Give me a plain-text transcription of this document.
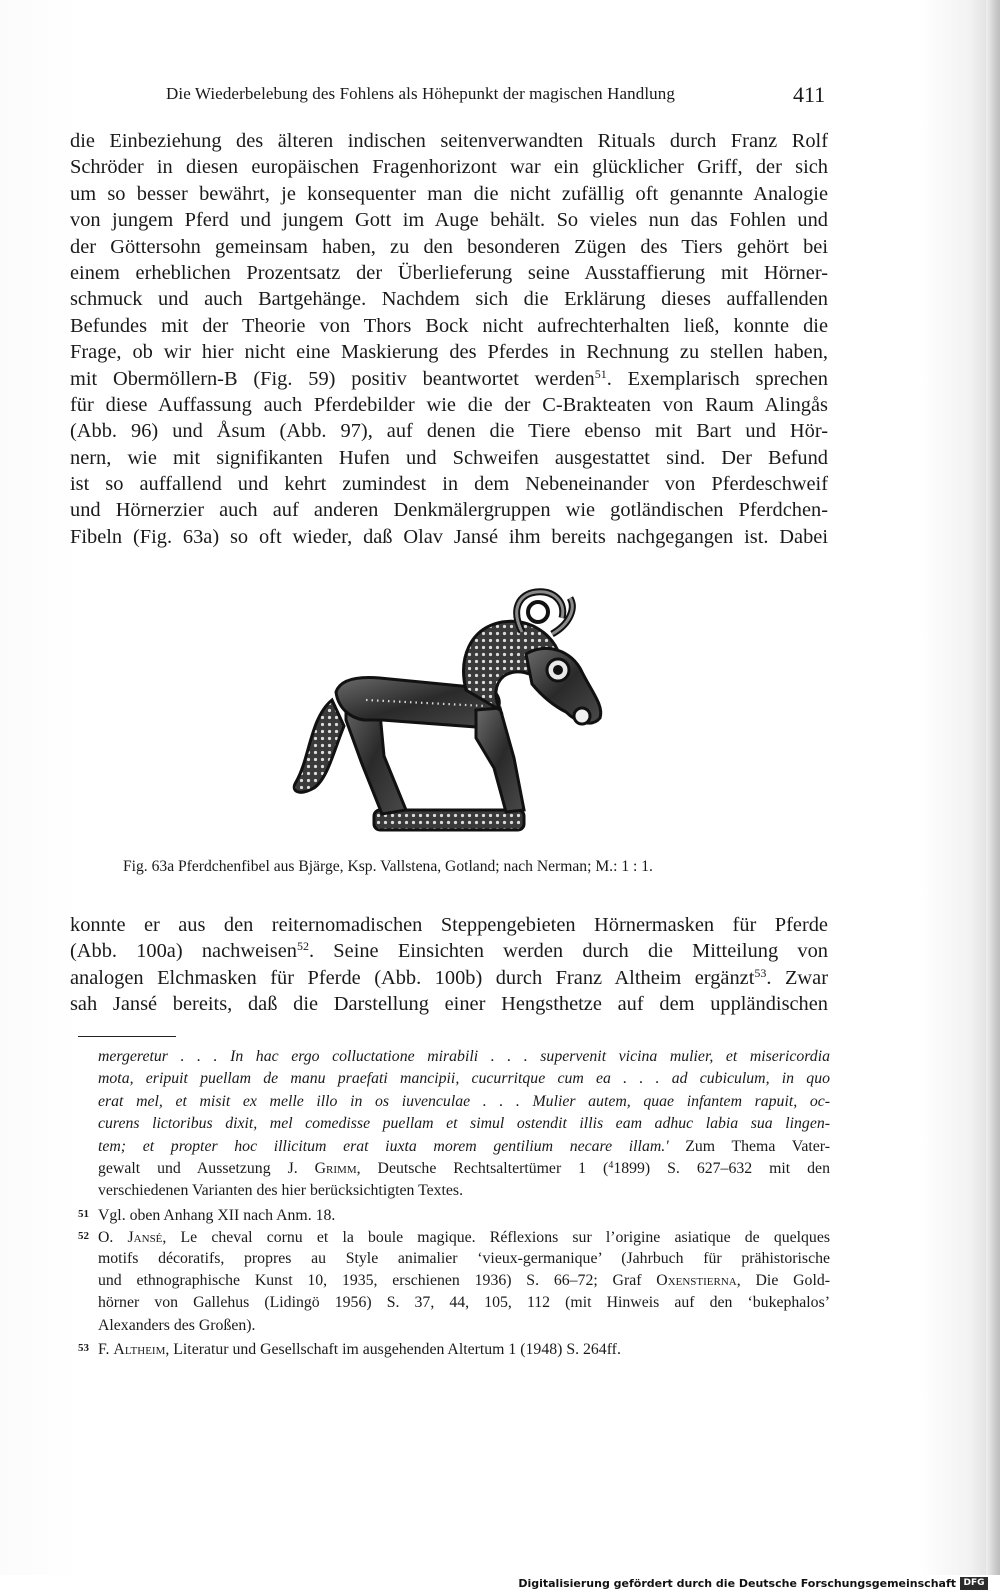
Die Wiederbelebung des Fohlens als Höhepunkt der magischen Handlung	411
die Einbeziehung des älteren indischen seitenverwandten Rituals durch Franz Rolf
Schröder in diesen europäischen Fragenhorizont war ein glücklicher Griff, der sich
um so besser bewährt, je konsequenter man die nicht zufällig oft genannte Analogie
von jungem Pferd und jungem Gott im Auge behält. So vieles nun das Fohlen und
der Göttersohn gemeinsam haben, zu den besonderen Zügen des Tiers gehört bei
einem erheblichen Prozentsatz der Überlieferung seine Ausstaffierung mit Hörner-
schmuck und auch Bartgehänge. Nachdem sich die Erklärung dieses auffallenden
Befundes mit der Theorie von Thors Bock nicht aufrechterhalten ließ, konnte die
Frage, ob wir hier nicht eine Maskierung des Pferdes in Rechnung zu stellen haben,
mit Obermöllern-B (Fig. 59) positiv beantwortet werden$^{51}$. Exemplarisch sprechen
für diese Auffassung auch Pferdebilder wie die der C-Brakteaten von Raum Alingås
(Abb. 96) und Åsum (Abb. 97), auf denen die Tiere ebenso mit Bart und Hör-
nern, wie mit signifikanten Hufen und Schweifen ausgestattet sind. Der Befund
ist so auffallend und kehrt zumindest in dem Nebeneinander von Pferdeschweif
und Hörnerzier auch auf anderen Denkmälergruppen wie gotländischen Pferdchen-
Fibeln (Fig. 63a) so oft wieder, daß Olav Jansé ihm bereits nachgegangen ist. Dabei
Fig. 63a Pferdchenfibel aus Bjärge, Ksp. Vallstena, Gotland; nach Nerman; M.: 1 : 1.
konnte er aus den reiternomadischen Steppengebieten Hörnermasken für Pferde
(Abb. 100a) nachweisen$^{52}$. Seine Einsichten werden durch die Mitteilung von
analogen Elchmasken für Pferde (Abb. 100b) durch Franz Altheim ergänzt$^{53}$. Zwar
sah Jansé bereits, daß die Darstellung einer Hengsthetze auf dem uppländischen
mergeretur . . . In hac ergo colluctatione mirabili . . . supervenit vicina mulier, et misericordia
mota, eripuit puellam de manu praefati mancipii, cucurritque cum ea . . . ad cubiculum, in quo
erat mel, et misit ex melle illo in os iuvenculae . . . Mulier autem, quae infantem rapuit, oc-
curens lictoribus dixit, mel comedisse puellam et simul ostendit illis eam adhuc labia sua lingen-
tem; et propter hoc illicitum erat iuxta morem gentilium necare illam.' Zum Thema Vater-
gewalt und Aussetzung J. Grimm, Deutsche Rechtsaltertümer 1 ($^4$1899) S. 627–632 mit den
verschiedenen Varianten des hier berücksichtigten Textes.
51 Vgl. oben Anhang XII nach Anm. 18.
52 O. Jansé, Le cheval cornu et la boule magique. Réflexions sur l’origine asiatique de quelques
motifs décoratifs, propres au Style animalier ‘vieux-germanique’ (Jahrbuch für prähistorische
und ethnographische Kunst 10, 1935, erschienen 1936) S. 66–72; Graf Oxenstierna, Die Gold-
hörner von Gallehus (Lidingö 1956) S. 37, 44, 105, 112 (mit Hinweis auf den ‘bukephalos’
Alexanders des Großen).
53 F. Altheim, Literatur und Gesellschaft im ausgehenden Altertum 1 (1948) S. 264ff.
Digitalisierung gefördert durch die Deutsche Forschungsgemeinschaft DFG
